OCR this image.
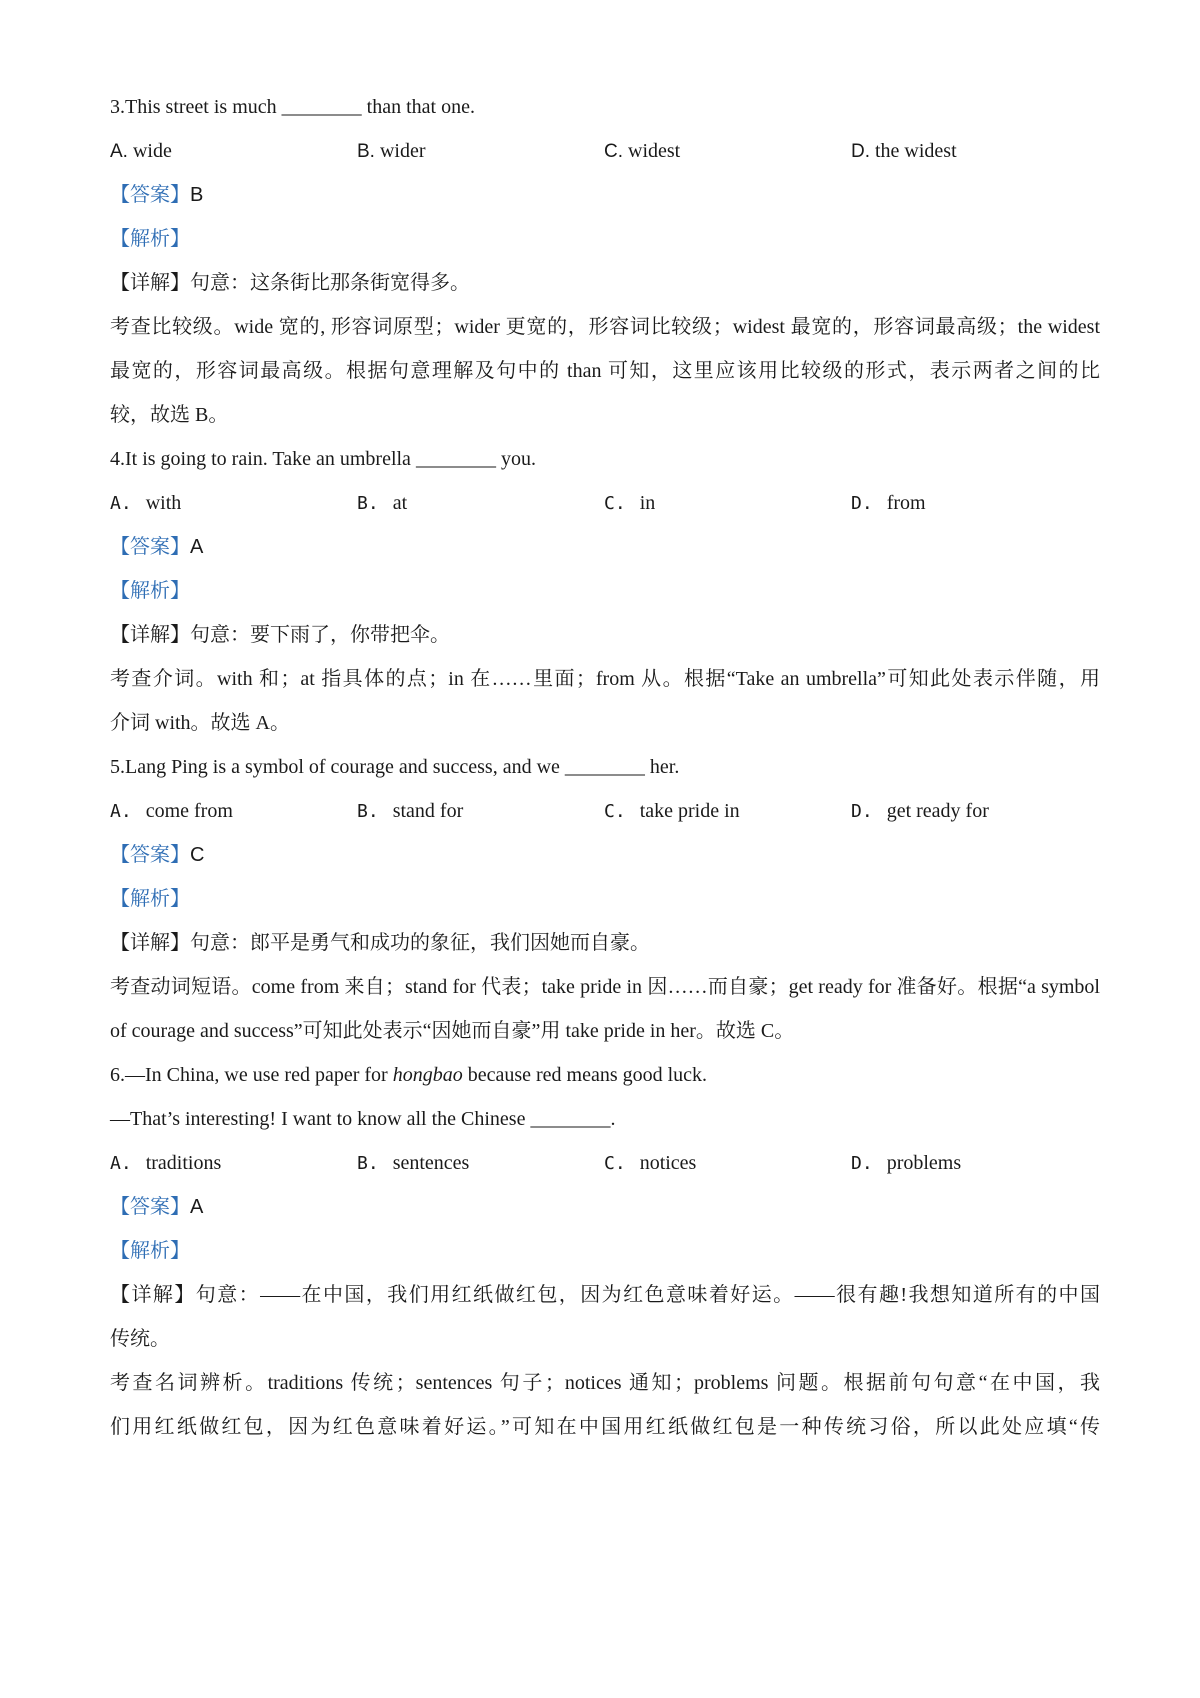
3.This street is much ________ than that one.
A. wide	B. wider	C. widest	D. the widest
【答案】B
【解析】
【详解】句意：这条街比那条街宽得多。
考查比较级。wide 宽的, 形容词原型；wider 更宽的，形容词比较级；widest 最宽的，形容词最高级；the widest
最宽的，形容词最高级。根据句意理解及句中的 than 可知，这里应该用比较级的形式，表示两者之间的比
较，故选 B。
4.It is going to rain. Take an umbrella ________ you.
A. with	B. at	C. in	D. from
【答案】A
【解析】
【详解】句意：要下雨了，你带把伞。
考查介词。with 和；at 指具体的点；in 在……里面；from 从。根据“Take an umbrella”可知此处表示伴随，用
介词 with。故选 A。
5.Lang Ping is a symbol of courage and success, and we ________ her.
A. come from	B. stand for	C. take pride in	D. get ready for
【答案】C
【解析】
【详解】句意：郎平是勇气和成功的象征，我们因她而自豪。
考查动词短语。come from 来自；stand for 代表；take pride in 因……而自豪；get ready for 准备好。根据“a symbol
of courage and success”可知此处表示“因她而自豪”用 take pride in her。故选 C。
6.—In China, we use red paper for hongbao because red means good luck.
—That’s interesting! I want to know all the Chinese ________.
A. traditions	B. sentences	C. notices	D. problems
【答案】A
【解析】
【详解】句意：——在中国，我们用红纸做红包，因为红色意味着好运。——很有趣!我想知道所有的中国
传统。
考查名词辨析。traditions 传统；sentences 句子；notices 通知；problems 问题。根据前句句意“在中国，我
们用红纸做红包，因为红色意味着好运。”可知在中国用红纸做红包是一种传统习俗，所以此处应填“传
